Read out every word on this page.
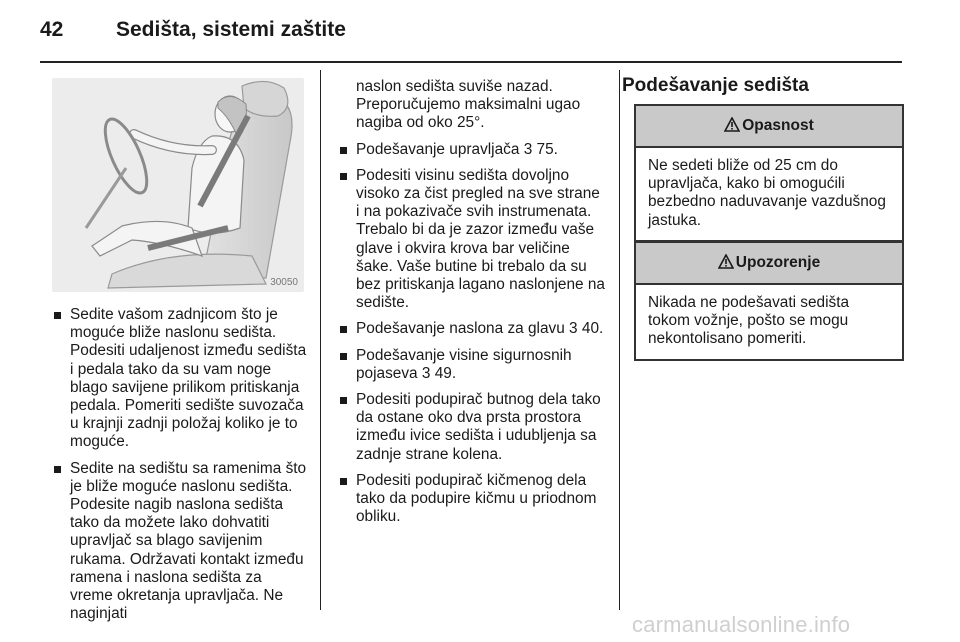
42	Sedišta, sistemi zaštite
30050
Sedite vašom zadnjicom što je moguće bliže naslonu sedišta. Podesiti udaljenost između sedišta i pedala tako da su vam noge blago savijene prilikom pritiskanja pedala. Pomeriti sedište suvozača u krajnji zadnji položaj koliko je to moguće.
Sedite na sedištu sa ramenima što je bliže moguće naslonu sedišta. Podesite nagib naslona sedišta tako da možete lako dohvatiti upravljač sa blago savijenim rukama. Održavati kontakt između ramena i naslona sedišta za vreme okretanja upravljača. Ne naginjati

naslon sedišta suviše nazad. Preporučujemo maksimalni ugao nagiba od oko 25°.

Podešavanje upravljača 3 75.
Podesiti visinu sedišta dovoljno visoko za čist pregled na sve strane i na pokazivače svih instrumenata. Trebalo bi da je zazor između vaše glave i okvira krova bar veličine šake. Vaše butine bi trebalo da su bez pritiskanja lagano naslonjene na sedište.
Podešavanje naslona za glavu 3 40.
Podešavanje visine sigurnosnih pojaseva 3 49.
Podesiti podupirač butnog dela tako da ostane oko dva prsta prostora između ivice sedišta i udubljenja sa zadnje strane kolena.
Podesiti podupirač kičmenog dela tako da podupire kičmu u priodnom obliku.
Podešavanje sedišta
Opasnost
Ne sedeti bliže od 25 cm do upravljača, kako bi omogućili bezbedno naduvavanje vazdušnog jastuka.
Upozorenje
Nikada ne podešavati sedišta tokom vožnje, pošto se mogu nekontolisano pomeriti.
carmanualsonline.info
